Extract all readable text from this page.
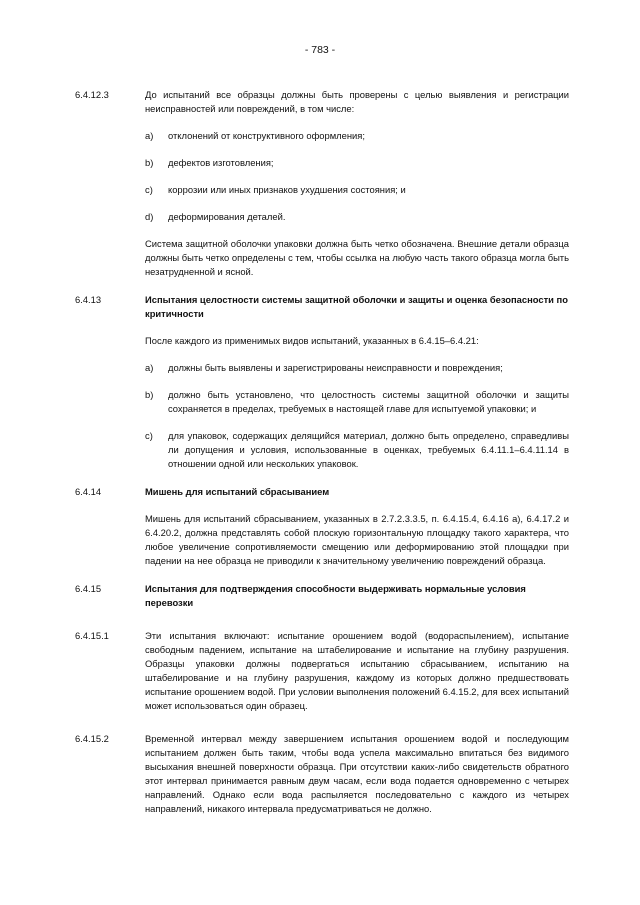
- 783 -
6.4.12.3	До испытаний все образцы должны быть проверены с целью выявления и регистрации неисправностей или повреждений, в том числе:

a)	отклонений от конструктивного оформления;
b)	дефектов изготовления;
c)	коррозии или иных признаков ухудшения состояния; и
d)	деформирования деталей.

Система защитной оболочки упаковки должна быть четко обозначена. Внешние детали образца должны быть четко определены с тем, чтобы ссылка на любую часть такого образца могла быть незатрудненной и ясной.

6.4.13	Испытания целостности системы защитной оболочки и защиты и оценка безопасности по критичности

После каждого из применимых видов испытаний, указанных в 6.4.15–6.4.21:

a)	должны быть выявлены и зарегистрированы неисправности и повреждения;
b)	должно быть установлено, что целостность системы защитной оболочки и защиты сохраняется в пределах, требуемых в настоящей главе для испытуемой упаковки; и
c)	для упаковок, содержащих делящийся материал, должно быть определено, справедливы ли допущения и условия, использованные в оценках, требуемых 6.4.11.1–6.4.11.14 в отношении одной или нескольких упаковок.
6.4.14	Мишень для испытаний сбрасыванием

Мишень для испытаний сбрасыванием, указанных в 2.7.2.3.3.5, п. 6.4.15.4, 6.4.16 a), 6.4.17.2 и 6.4.20.2, должна представлять собой плоскую горизонтальную площадку такого характера, что любое увеличение сопротивляемости смещению или деформированию этой площадки при падении на нее образца не приводили к значительному увеличению повреждений образца.

6.4.15	Испытания для подтверждения способности выдерживать нормальные условия перевозки

6.4.15.1	Эти испытания включают: испытание орошением водой (водораспылением), испытание свободным падением, испытание на штабелирование и испытание на глубину разрушения. Образцы упаковки должны подвергаться испытанию сбрасыванием, испытанию на штабелирование и на глубину разрушения, каждому из которых должно предшествовать испытание орошением водой. При условии выполнения положений 6.4.15.2, для всех испытаний может использоваться один образец.

6.4.15.2	Временной интервал между завершением испытания орошением водой и последующим испытанием должен быть таким, чтобы вода успела максимально впитаться без видимого высыхания внешней поверхности образца. При отсутствии каких-либо свидетельств обратного этот интервал принимается равным двум часам, если вода подается одновременно с четырех направлений. Однако если вода распыляется последовательно с каждого из четырех направлений, никакого интервала предусматриваться не должно.
